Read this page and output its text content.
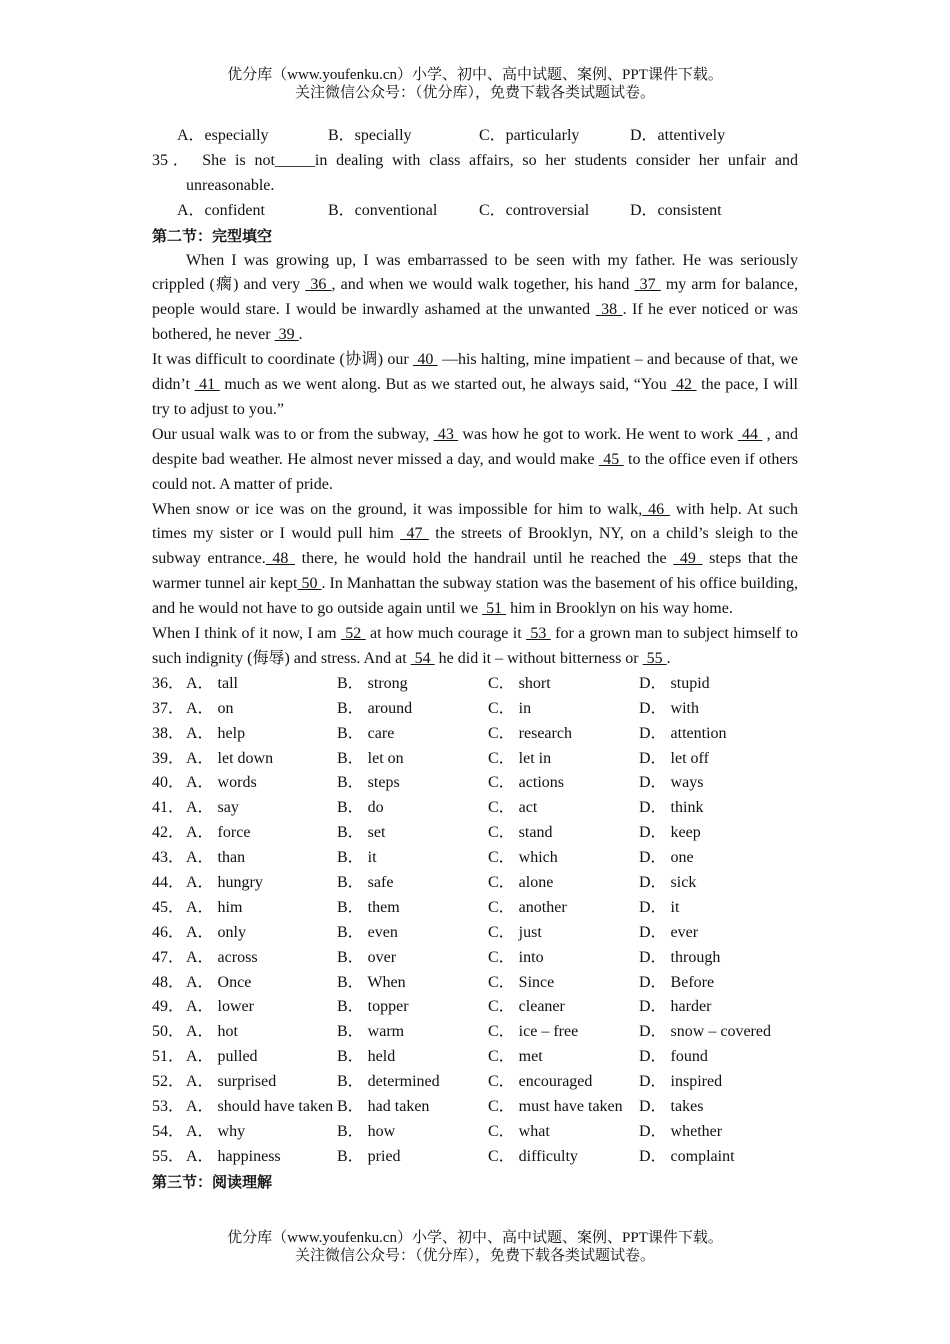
优分库（www.youfenku.cn）小学、初中、高中试题、案例、PPT课件下载。
关注微信公众号：（优分库），免费下载各类试题试卷。
A．especially	B．specially	C．particularly	D．attentively
35． She is not_____in dealing with class affairs, so her students consider her unfair and
unreasonable.
A．confident	B．conventional	C．controversial	D．consistent
第二节：完型填空
When I was growing up, I was embarrassed to be seen with my father. He was seriously crippled (瘸) and very  36 , and when we would walk together, his hand  37  my arm for balance, people would stare. I would be inwardly ashamed at the unwanted  38 . If he ever noticed or was bothered, he never  39 .
It was difficult to coordinate (协调) our  40  —his halting, mine impatient – and because of that, we didn’t  41  much as we went along. But as we started out, he always said, “You  42  the pace, I will try to adjust to you.”
Our usual walk was to or from the subway,  43  was how he got to work. He went to work  44  , and despite bad weather. He almost never missed a day, and would make  45  to the office even if others could not. A matter of pride.
When snow or ice was on the ground, it was impossible for him to walk, 46  with help. At such times my sister or I would pull him  47  the streets of Brooklyn, NY, on a child’s sleigh to the subway entrance. 48  there, he would hold the handrail until he reached the  49  steps that the warmer tunnel air kept 50 . In Manhattan the subway station was the basement of his office building, and he would not have to go outside again until we  51  him in Brooklyn on his way home.
When I think of it now, I am  52  at how much courage it  53  for a grown man to subject himself to such indignity (侮辱) and stress. And at  54  he did it – without bitterness or  55 .
36． A． tall	B． strong	C． short	D． stupid
37． A． on	B． around	C． in	D． with
38． A． help	B． care	C． research	D． attention
39． A． let down	B． let on	C． let in	D． let off
40． A． words	B． steps	C． actions	D． ways
41． A． say	B． do	C． act	D． think
42． A． force	B． set	C． stand	D． keep
43． A． than	B． it	C． which	D． one
44． A． hungry	B． safe	C． alone	D． sick
45． A． him	B． them	C． another	D． it
46． A． only	B． even	C． just	D． ever
47． A． across	B． over	C． into	D． through
48． A． Once	B． When	C． Since	D． Before
49． A． lower	B． topper	C． cleaner	D． harder
50． A． hot	B． warm	C． ice – free	D． snow – covered
51． A． pulled	B． held	C． met	D． found
52． A． surprised	B． determined	C． encouraged	D． inspired
53． A． should have taken B． had taken	C． must have taken	D． takes
54． A． why	B． how	C． what	D． whether
55． A． happiness	B． pried	C． difficulty	D． complaint
第三节：阅读理解
优分库（www.youfenku.cn）小学、初中、高中试题、案例、PPT课件下载。
关注微信公众号：（优分库），免费下载各类试题试卷。
